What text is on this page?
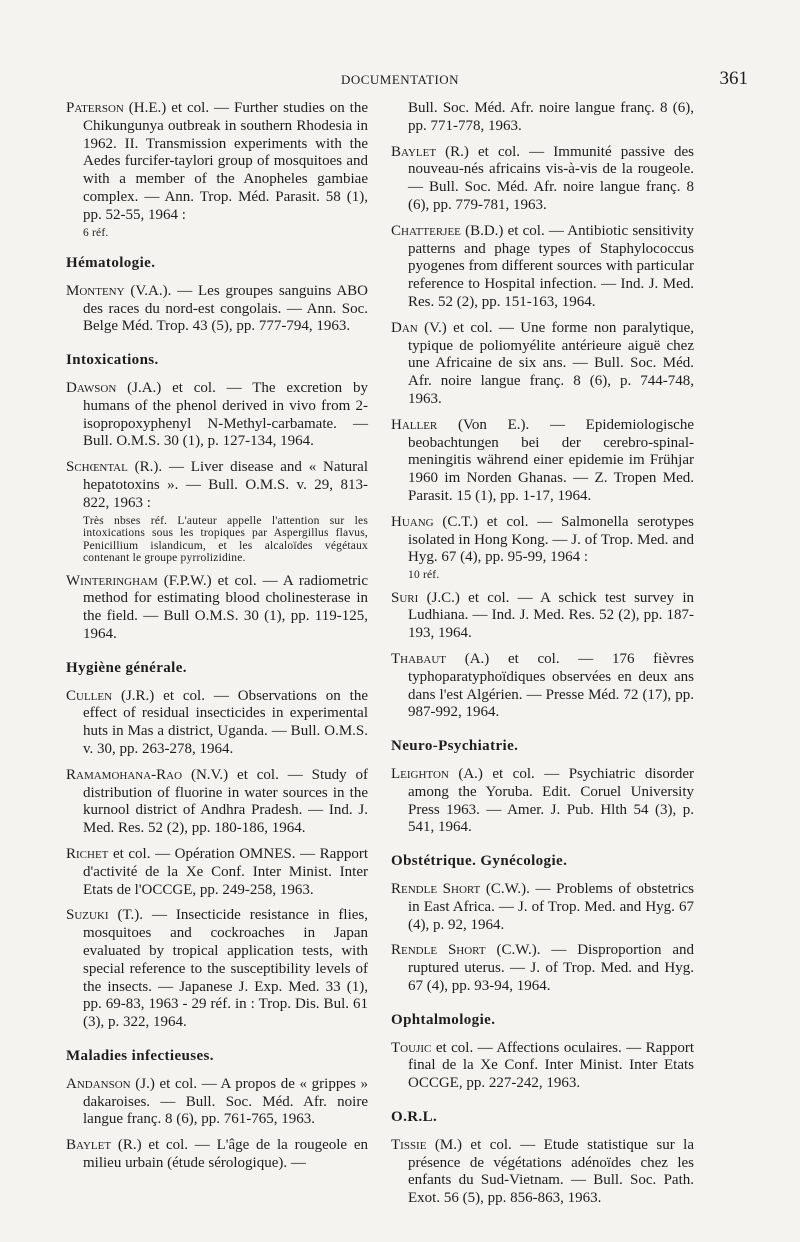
DOCUMENTATION	361

Paterson (H.E.) et col. — Further studies on the Chikungunya outbreak in southern Rhodesia in 1962. II. Transmission experiments with the Aedes furcifer-taylori group of mosquitoes and with a member of the Anopheles gambiae complex. — Ann. Trop. Méd. Parasit. 58 (1), pp. 52-55, 1964 :

6 réf.

Hématologie.

Monteny (V.A.). — Les groupes sanguins ABO des races du nord-est congolais. — Ann. Soc. Belge Méd. Trop. 43 (5), pp. 777-794, 1963.

Intoxications.

Dawson (J.A.) et col. — The excretion by humans of the phenol derived in vivo from 2-isopropoxyphenyl N-Methyl-carbamate. — Bull. O.M.S. 30 (1), p. 127-134, 1964.

Schœntal (R.). — Liver disease and « Natural hepatotoxins ». — Bull. O.M.S. v. 29, 813-822, 1963 :

Très nbses réf. L'auteur appelle l'attention sur les intoxications sous les tropiques par Aspergillus flavus, Penicillium islandicum, et les alcaloïdes végétaux contenant le groupe pyrrolizidine.

Winteringham (F.P.W.) et col. — A radiometric method for estimating blood cholinesterase in the field. — Bull O.M.S. 30 (1), pp. 119-125, 1964.

Hygiène générale.

Cullen (J.R.) et col. — Observations on the effect of residual insecticides in experimental huts in Mas a district, Uganda. — Bull. O.M.S. v. 30, pp. 263-278, 1964.

Ramamohana-Rao (N.V.) et col. — Study of distribution of fluorine in water sources in the kurnool district of Andhra Pradesh. — Ind. J. Med. Res. 52 (2), pp. 180-186, 1964.

Richet et col. — Opération OMNES. — Rapport d'activité de la Xe Conf. Inter Minist. Inter Etats de l'OCCGE, pp. 249-258, 1963.

Suzuki (T.). — Insecticide resistance in flies, mosquitoes and cockroaches in Japan evaluated by tropical application tests, with special reference to the susceptibility levels of the insects. — Japanese J. Exp. Med. 33 (1), pp. 69-83, 1963 - 29 réf. in : Trop. Dis. Bul. 61 (3), p. 322, 1964.

Maladies infectieuses.

Andanson (J.) et col. — A propos de « grippes » dakaroises. — Bull. Soc. Méd. Afr. noire langue franç. 8 (6), pp. 761-765, 1963.

Baylet (R.) et col. — L'âge de la rougeole en milieu urbain (étude sérologique). —

Bull. Soc. Méd. Afr. noire langue franç. 8 (6), pp. 771-778, 1963.

Baylet (R.) et col. — Immunité passive des nouveau-nés africains vis-à-vis de la rougeole. — Bull. Soc. Méd. Afr. noire langue franç. 8 (6), pp. 779-781, 1963.

Chatterjee (B.D.) et col. — Antibiotic sensitivity patterns and phage types of Staphylococcus pyogenes from different sources with particular reference to Hospital infection. — Ind. J. Med. Res. 52 (2), pp. 151-163, 1964.

Dan (V.) et col. — Une forme non paralytique, typique de poliomyélite antérieure aiguë chez une Africaine de six ans. — Bull. Soc. Méd. Afr. noire langue franç. 8 (6), p. 744-748, 1963.

Haller (Von E.). — Epidemiologische beobachtungen bei der cerebro-spinal-meningitis während einer epidemie im Frühjar 1960 im Norden Ghanas. — Z. Tropen Med. Parasit. 15 (1), pp. 1-17, 1964.

Huang (C.T.) et col. — Salmonella serotypes isolated in Hong Kong. — J. of Trop. Med. and Hyg. 67 (4), pp. 95-99, 1964 :

10 réf.

Suri (J.C.) et col. — A schick test survey in Ludhiana. — Ind. J. Med. Res. 52 (2), pp. 187-193, 1964.

Thabaut (A.) et col. — 176 fièvres typhoparatyphoïdiques observées en deux ans dans l'est Algérien. — Presse Méd. 72 (17), pp. 987-992, 1964.

Neuro-Psychiatrie.

Leighton (A.) et col. — Psychiatric disorder among the Yoruba. Edit. Coruel University Press 1963. — Amer. J. Pub. Hlth 54 (3), p. 541, 1964.

Obstétrique. Gynécologie.

Rendle Short (C.W.). — Problems of obstetrics in East Africa. — J. of Trop. Med. and Hyg. 67 (4), p. 92, 1964.

Rendle Short (C.W.). — Disproportion and ruptured uterus. — J. of Trop. Med. and Hyg. 67 (4), pp. 93-94, 1964.

Ophtalmologie.

Toujic et col. — Affections oculaires. — Rapport final de la Xe Conf. Inter Minist. Inter Etats OCCGE, pp. 227-242, 1963.

O.R.L.

Tissie (M.) et col. — Etude statistique sur la présence de végétations adénoïdes chez les enfants du Sud-Vietnam. — Bull. Soc. Path. Exot. 56 (5), pp. 856-863, 1963.
